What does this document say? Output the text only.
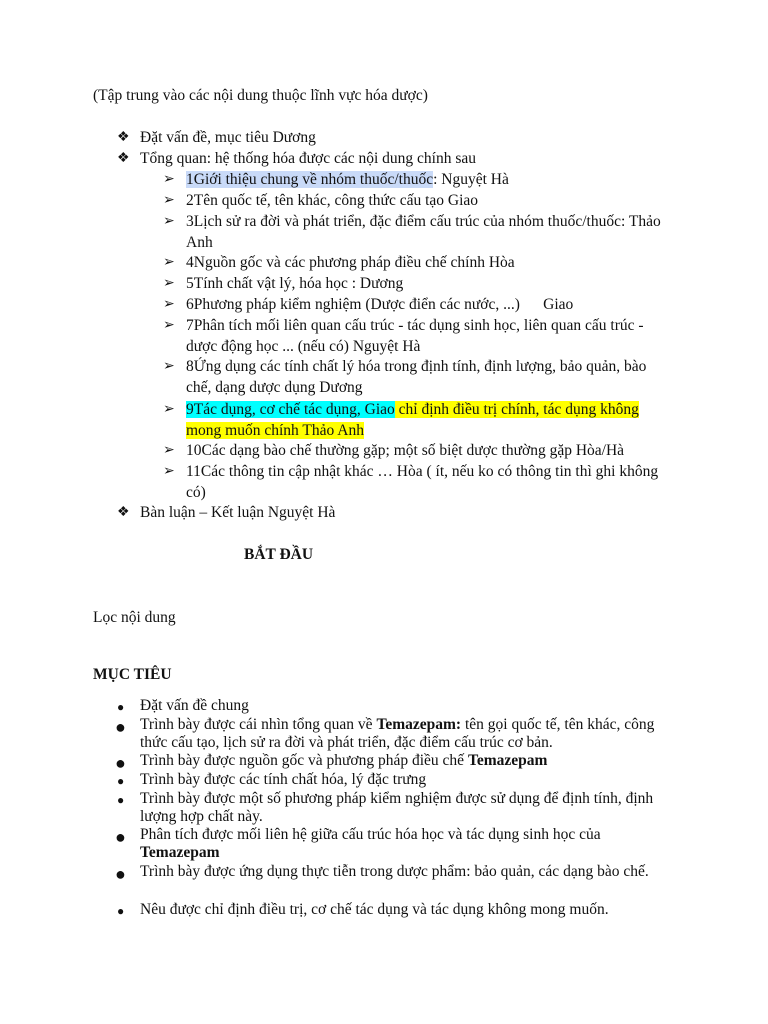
(Tập trung vào các nội dung thuộc lĩnh vực hóa dược)
❖ Đặt vấn đề, mục tiêu Dương
❖ Tổng quan: hệ thống hóa được các nội dung chính sau
➢ 1Giới thiệu chung về nhóm thuốc/thuốc: Nguyệt Hà
➢ 2Tên quốc tế, tên khác, công thức cấu tạo Giao
➢ 3Lịch sử ra đời và phát triển, đặc điểm cấu trúc của nhóm thuốc/thuốc: Thảo Anh
➢ 4Nguồn gốc và các phương pháp điều chế chính Hòa
➢ 5Tính chất vật lý, hóa học : Dương
➢ 6Phương pháp kiểm nghiệm (Dược điển các nước, ...)      Giao
➢ 7Phân tích mối liên quan cấu trúc - tác dụng sinh học, liên quan cấu trúc - dược động học ... (nếu có) Nguyệt Hà
➢ 8Ứng dụng các tính chất lý hóa trong định tính, định lượng, bảo quản, bào chế, dạng dược dụng Dương
➢ 9Tác dụng, cơ chế tác dụng, Giao chỉ định điều trị chính, tác dụng không mong muốn chính Thảo Anh
➢ 10Các dạng bào chế thường gặp; một số biệt dược thường gặp Hòa/Hà
➢ 11Các thông tin cập nhật khác … Hòa ( ít, nếu ko có thông tin thì ghi không có)
❖ Bàn luận – Kết luận Nguyệt Hà
BẮT ĐẦU
Lọc nội dung
MỤC TIÊU
● Đặt vấn đề chung
● Trình bày được cái nhìn tổng quan về Temazepam: tên gọi quốc tế, tên khác, công thức cấu tạo, lịch sử ra đời và phát triển, đặc điểm cấu trúc cơ bản.
● Trình bày được nguồn gốc và phương pháp điều chế Temazepam
● Trình bày được các tính chất hóa, lý đặc trưng
● Trình bày được một số phương pháp kiểm nghiệm được sử dụng để định tính, định lượng hợp chất này.
● Phân tích được mối liên hệ giữa cấu trúc hóa học và tác dụng sinh học của Temazepam
● Trình bày được ứng dụng thực tiễn trong dược phẩm: bảo quản, các dạng bào chế.
● Nêu được chỉ định điều trị, cơ chế tác dụng và tác dụng không mong muốn.
